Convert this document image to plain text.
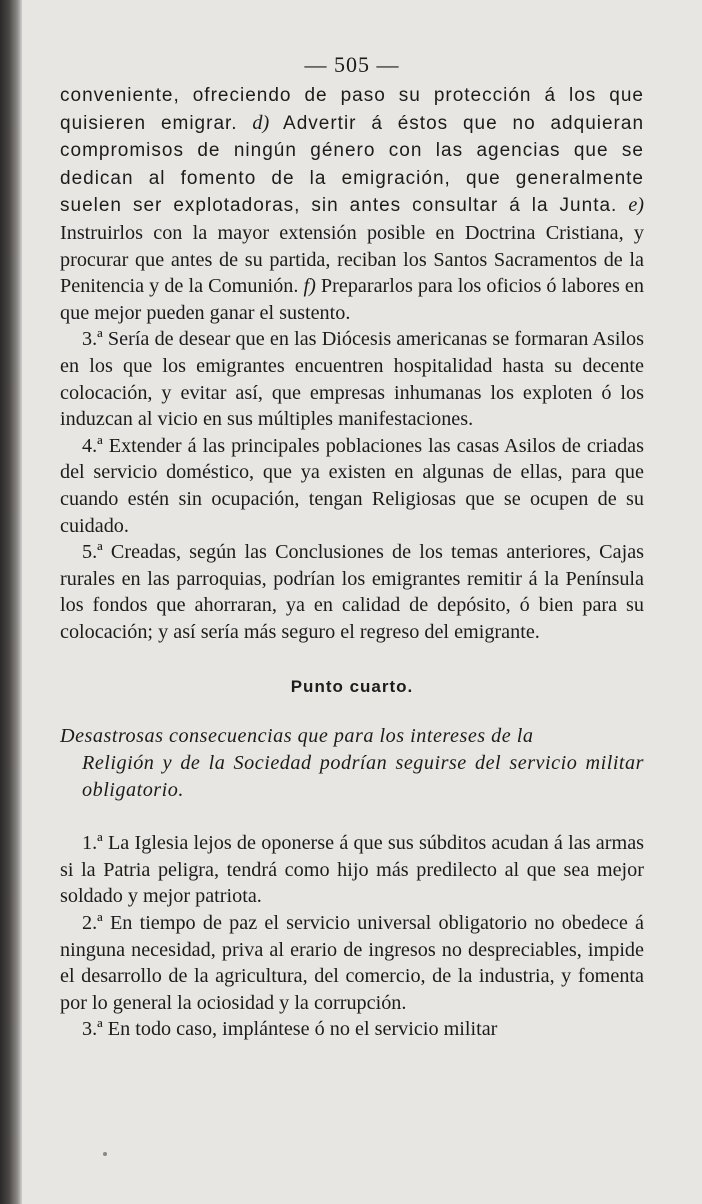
— 505 —

conveniente, ofreciendo de paso su protección á los que quisieren emigrar. d) Advertir á éstos que no adquieran compromisos de ningún género con las agencias que se dedican al fomento de la emigración, que generalmente suelen ser explotadoras, sin antes consultar á la Junta. e) Instruirlos con la mayor extensión posible en Doctrina Cristiana, y procurar que antes de su partida, reciban los Santos Sacramentos de la Penitencia y de la Comunión. f) Prepararlos para los oficios ó labores en que mejor pueden ganar el sustento.

3.ª Sería de desear que en las Diócesis americanas se formaran Asilos en los que los emigrantes encuentren hospitalidad hasta su decente colocación, y evitar así, que empresas inhumanas los exploten ó los induzcan al vicio en sus múltiples manifestaciones.

4.ª Extender á las principales poblaciones las casas Asilos de criadas del servicio doméstico, que ya existen en algunas de ellas, para que cuando estén sin ocupación, tengan Religiosas que se ocupen de su cuidado.

5.ª Creadas, según las Conclusiones de los temas anteriores, Cajas rurales en las parroquias, podrían los emigrantes remitir á la Península los fondos que ahorraran, ya en calidad de depósito, ó bien para su colocación; y así sería más seguro el regreso del emigrante.

Punto cuarto.
Desastrosas consecuencias que para los intereses de la
Religión y de la Sociedad podrían seguirse del servicio militar obligatorio.

1.ª La Iglesia lejos de oponerse á que sus súbditos acudan á las armas si la Patria peligra, tendrá como hijo más predilecto al que sea mejor soldado y mejor patriota.

2.ª En tiempo de paz el servicio universal obligatorio no obedece á ninguna necesidad, priva al erario de ingresos no despreciables, impide el desarrollo de la agricultura, del comercio, de la industria, y fomenta por lo general la ociosidad y la corrupción.

3.ª En todo caso, implántese ó no el servicio militar
